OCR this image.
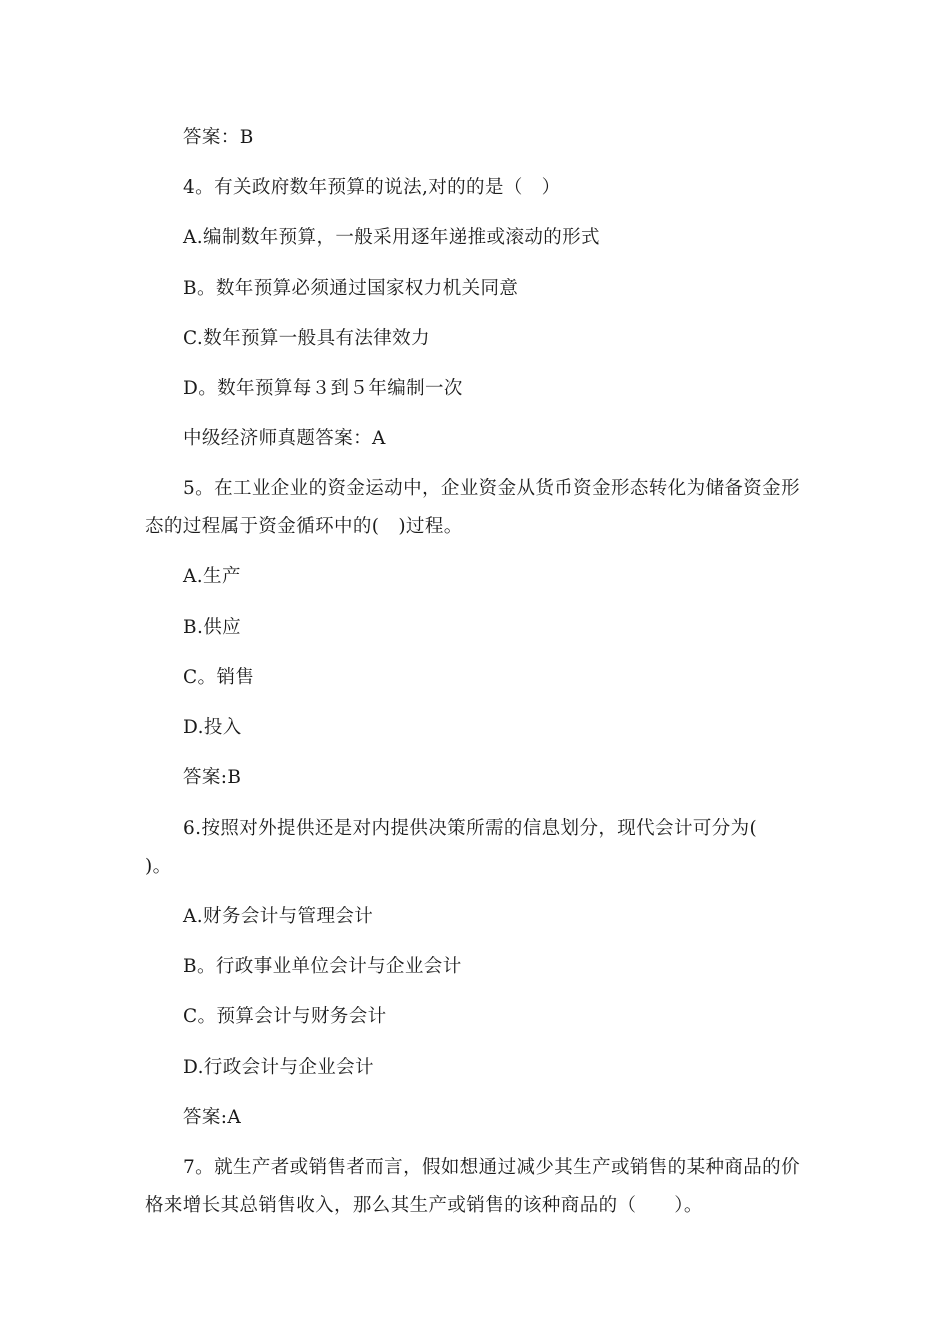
答案：B
4。有关政府数年预算的说法,对的的是（　）
A.编制数年预算，一般采用逐年递推或滚动的形式
B。数年预算必须通过国家权力机关同意
C.数年预算一般具有法律效力
D。数年预算每３到５年编制一次
中级经济师真题答案：A
5。在工业企业的资金运动中，企业资金从货币资金形态转化为储备资金形
态的过程属于资金循环中的(　)过程。
A.生产
B.供应
C。销售
D.投入
答案:B
6.按照对外提供还是对内提供决策所需的信息划分，现代会计可分为(
)。
A.财务会计与管理会计
B。行政事业单位会计与企业会计
C。预算会计与财务会计
D.行政会计与企业会计
答案:A
7。就生产者或销售者而言，假如想通过减少其生产或销售的某种商品的价
格来增长其总销售收入，那么其生产或销售的该种商品的（　　）。
